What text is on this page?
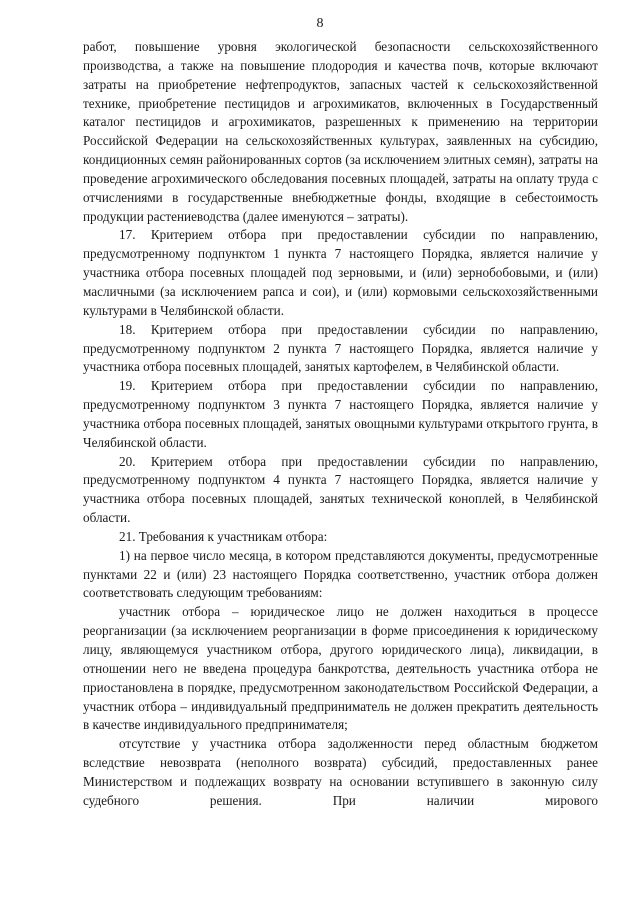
8

работ, повышение уровня экологической безопасности сельскохозяйственного производства, а также на повышение плодородия и качества почв, которые включают затраты на приобретение нефтепродуктов, запасных частей к сельскохозяйственной технике, приобретение пестицидов и агрохимикатов, включенных в Государственный каталог пестицидов и агрохимикатов, разрешенных к применению на территории Российской Федерации на сельскохозяйственных культурах, заявленных на субсидию, кондиционных семян районированных сортов (за исключением элитных семян), затраты на проведение агрохимического обследования посевных площадей, затраты на оплату труда с отчислениями в государственные внебюджетные фонды, входящие в себестоимость продукции растениеводства (далее именуются – затраты).

17. Критерием отбора при предоставлении субсидии по направлению, предусмотренному подпунктом 1 пункта 7 настоящего Порядка, является наличие у участника отбора посевных площадей под зерновыми, и (или) зернобобовыми, и (или) масличными (за исключением рапса и сои), и (или) кормовыми сельскохозяйственными культурами в Челябинской области.

18. Критерием отбора при предоставлении субсидии по направлению, предусмотренному подпунктом 2 пункта 7 настоящего Порядка, является наличие у участника отбора посевных площадей, занятых картофелем, в Челябинской области.

19. Критерием отбора при предоставлении субсидии по направлению, предусмотренному подпунктом 3 пункта 7 настоящего Порядка, является наличие у участника отбора посевных площадей, занятых овощными культурами открытого грунта, в Челябинской области.

20. Критерием отбора при предоставлении субсидии по направлению, предусмотренному подпунктом 4 пункта 7 настоящего Порядка, является наличие у участника отбора посевных площадей, занятых технической коноплей, в Челябинской области.

21. Требования к участникам отбора:

1) на первое число месяца, в котором представляются документы, предусмотренные пунктами 22 и (или) 23 настоящего Порядка соответственно, участник отбора должен соответствовать следующим требованиям:

участник отбора – юридическое лицо не должен находиться в процессе реорганизации (за исключением реорганизации в форме присоединения к юридическому лицу, являющемуся участником отбора, другого юридического лица), ликвидации, в отношении него не введена процедура банкротства, деятельность участника отбора не приостановлена в порядке, предусмотренном законодательством Российской Федерации, а участник отбора – индивидуальный предприниматель не должен прекратить деятельность в качестве индивидуального предпринимателя;

отсутствие у участника отбора задолженности перед областным бюджетом вследствие невозврата (неполного возврата) субсидий, предоставленных ранее Министерством и подлежащих возврату на основании вступившего в законную силу судебного решения. При наличии мирового
